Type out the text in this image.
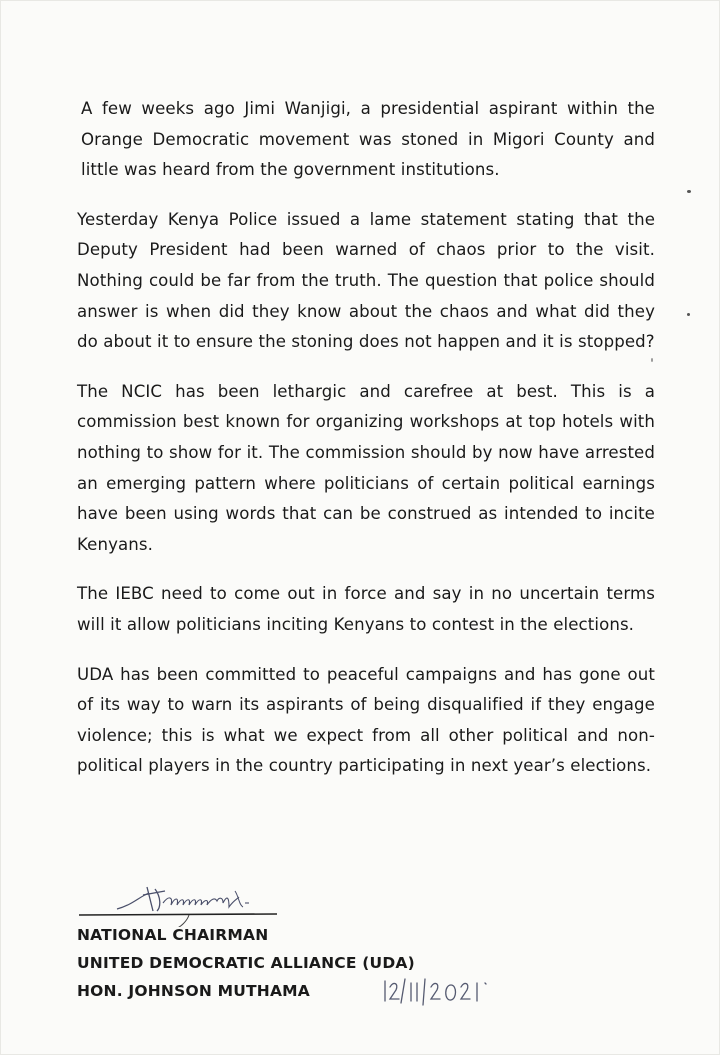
A few weeks ago Jimi Wanjigi, a presidential aspirant within the Orange Democratic movement was stoned in Migori County and little was heard from the government institutions.

Yesterday Kenya Police issued a lame statement stating that the Deputy President had been warned of chaos prior to the visit. Nothing could be far from the truth. The question that police should answer is when did they know about the chaos and what did they do about it to ensure the stoning does not happen and it is stopped?

The NCIC has been lethargic and carefree at best. This is a commission best known for organizing workshops at top hotels with nothing to show for it. The commission should by now have arrested an emerging pattern where politicians of certain political earnings have been using words that can be construed as intended to incite Kenyans.

The IEBC need to come out in force and say in no uncertain terms will it allow politicians inciting Kenyans to contest in the elections.

UDA has been committed to peaceful campaigns and has gone out of its way to warn its aspirants of being disqualified if they engage violence; this is what we expect from all other political and non-political players in the country participating in next year’s elections.

NATIONAL CHAIRMAN
UNITED DEMOCRATIC ALLIANCE (UDA)
HON. JOHNSON MUTHAMA
